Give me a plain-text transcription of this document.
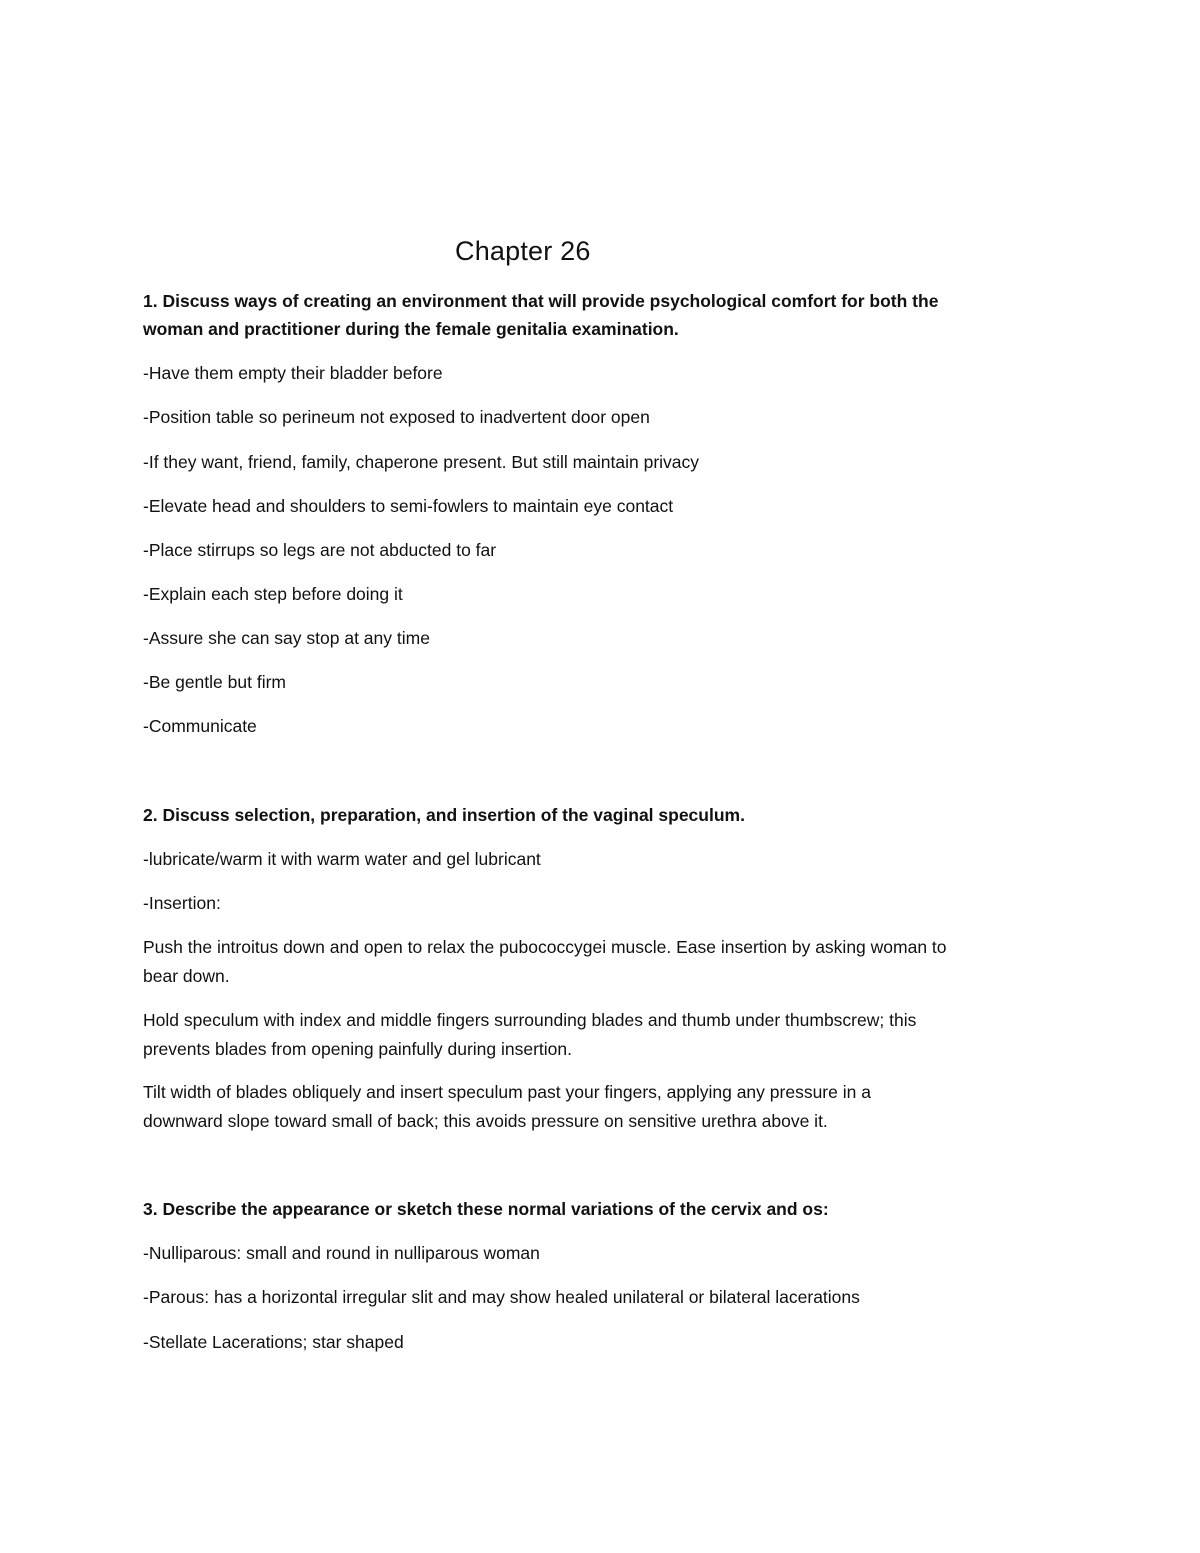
Chapter 26

1. Discuss ways of creating an environment that will provide psychological comfort for both the

woman and practitioner during the female genitalia examination.

-Have them empty their bladder before

-Position table so perineum not exposed to inadvertent door open

-If they want, friend, family, chaperone present. But still maintain privacy

-Elevate head and shoulders to semi-fowlers to maintain eye contact

-Place stirrups so legs are not abducted to far

-Explain each step before doing it

-Assure she can say stop at any time

-Be gentle but firm

-Communicate

2. Discuss selection, preparation, and insertion of the vaginal speculum.

-lubricate/warm it with warm water and gel lubricant

-Insertion:

Push the introitus down and open to relax the pubococcygei muscle. Ease insertion by asking woman to

bear down.

Hold speculum with index and middle fingers surrounding blades and thumb under thumbscrew; this

prevents blades from opening painfully during insertion.

Tilt width of blades obliquely and insert speculum past your fingers, applying any pressure in a

downward slope toward small of back; this avoids pressure on sensitive urethra above it.

3. Describe the appearance or sketch these normal variations of the cervix and os:

-Nulliparous: small and round in nulliparous woman

-Parous: has a horizontal irregular slit and may show healed unilateral or bilateral lacerations

-Stellate Lacerations; star shaped
